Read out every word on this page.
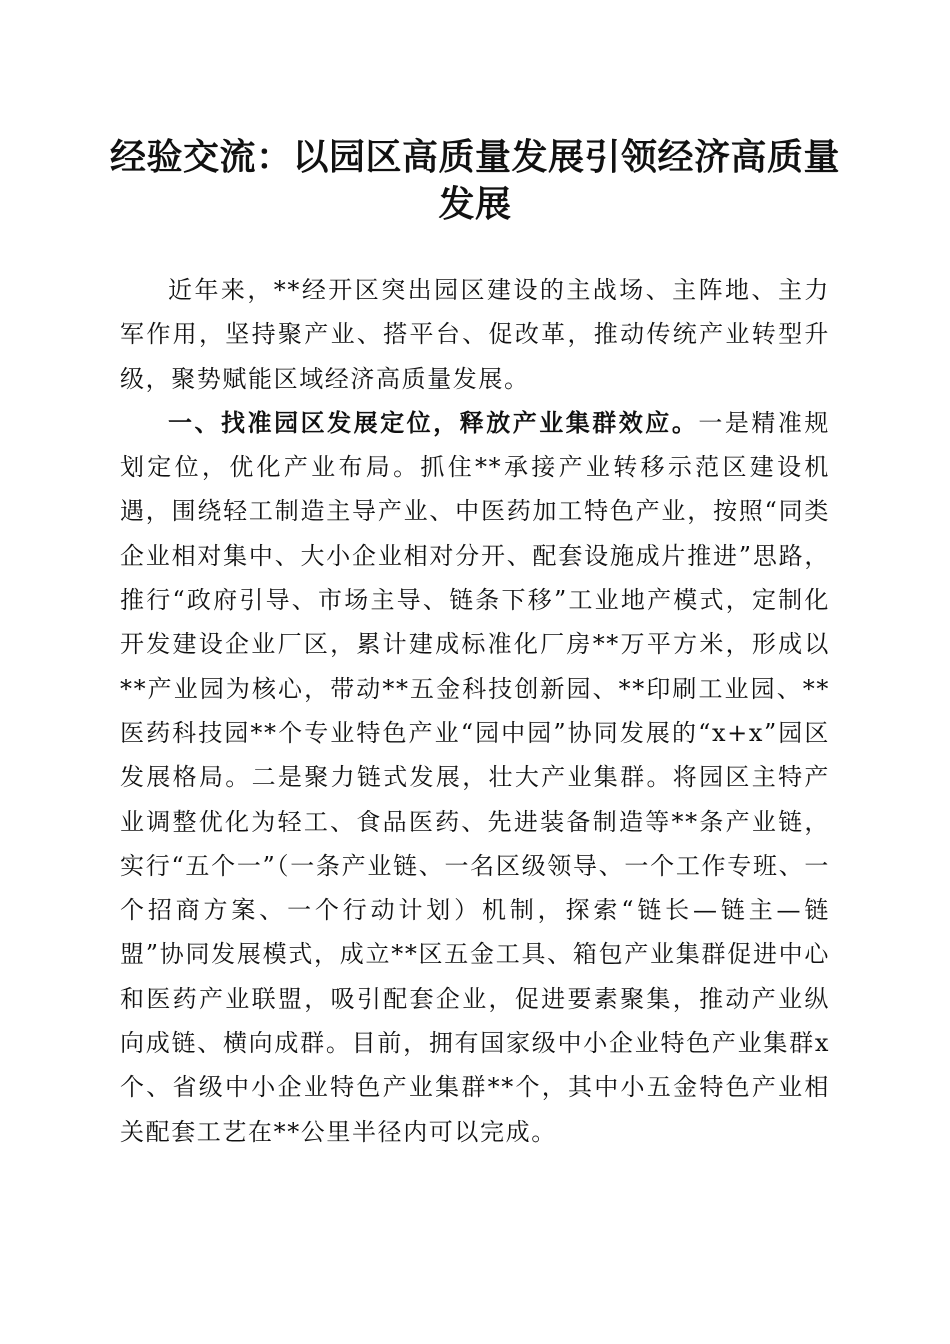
经验交流：以园区高质量发展引领经济高质量发展

近年来，**经开区突出园区建设的主战场、主阵地、主力军作用，坚持聚产业、搭平台、促改革，推动传统产业转型升级，聚势赋能区域经济高质量发展。

一、找准园区发展定位，释放产业集群效应。一是精准规划定位，优化产业布局。抓住**承接产业转移示范区建设机遇，围绕轻工制造主导产业、中医药加工特色产业，按照“同类企业相对集中、大小企业相对分开、配套设施成片推进”思路，推行“政府引导、市场主导、链条下移”工业地产模式，定制化开发建设企业厂区，累计建成标准化厂房**万平方米，形成以**产业园为核心，带动**五金科技创新园、**印刷工业园、**医药科技园**个专业特色产业“园中园”协同发展的“x+x”园区发展格局。二是聚力链式发展，壮大产业集群。将园区主特产业调整优化为轻工、食品医药、先进装备制造等**条产业链，实行“五个一”（一条产业链、一名区级领导、一个工作专班、一个招商方案、一个行动计划）机制，探索“链长—链主—链盟”协同发展模式，成立**区五金工具、箱包产业集群促进中心和医药产业联盟，吸引配套企业，促进要素聚集，推动产业纵向成链、横向成群。目前，拥有国家级中小企业特色产业集群x个、省级中小企业特色产业集群**个，其中小五金特色产业相关配套工艺在**公里半径内可以完成。
